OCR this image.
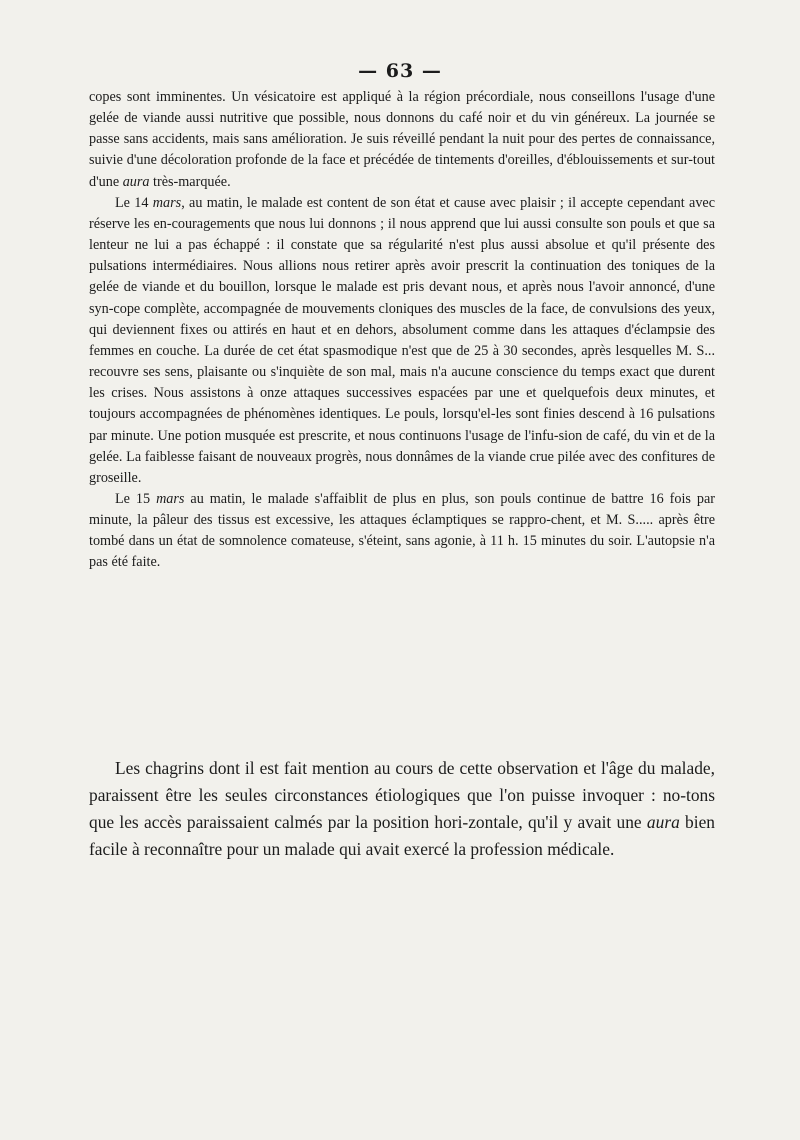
— 63 —

copes sont imminentes. Un vésicatoire est appliqué à la région précordiale, nous conseillons l'usage d'une gelée de viande aussi nutritive que possible, nous donnons du café noir et du vin généreux. La journée se passe sans accidents, mais sans amélioration. Je suis réveillé pendant la nuit pour des pertes de connaissance, suivie d'une décoloration profonde de la face et précédée de tintements d'oreilles, d'éblouissements et sur-tout d'une aura très-marquée.

Le 14 mars, au matin, le malade est content de son état et cause avec plaisir ; il accepte cependant avec réserve les en-couragements que nous lui donnons ; il nous apprend que lui aussi consulte son pouls et que sa lenteur ne lui a pas échappé : il constate que sa régularité n'est plus aussi absolue et qu'il présente des pulsations intermédiaires. Nous allions nous retirer après avoir prescrit la continuation des toniques de la gelée de viande et du bouillon, lorsque le malade est pris devant nous, et après nous l'avoir annoncé, d'une syn-cope complète, accompagnée de mouvements cloniques des muscles de la face, de convulsions des yeux, qui deviennent fixes ou attirés en haut et en dehors, absolument comme dans les attaques d'éclampsie des femmes en couche. La durée de cet état spasmodique n'est que de 25 à 30 secondes, après lesquelles M. S... recouvre ses sens, plaisante ou s'inquiète de son mal, mais n'a aucune conscience du temps exact que durent les crises. Nous assistons à onze attaques successives espacées par une et quelquefois deux minutes, et toujours accompagnées de phénomènes identiques. Le pouls, lorsqu'el-les sont finies descend à 16 pulsations par minute. Une potion musquée est prescrite, et nous continuons l'usage de l'infu-sion de café, du vin et de la gelée. La faiblesse faisant de nouveaux progrès, nous donnâmes de la viande crue pilée avec des confitures de groseille.

Le 15 mars au matin, le malade s'affaiblit de plus en plus, son pouls continue de battre 16 fois par minute, la pâleur des tissus est excessive, les attaques éclamptiques se rappro-chent, et M. S..... après être tombé dans un état de somnolence comateuse, s'éteint, sans agonie, à 11 h. 15 minutes du soir. L'autopsie n'a pas été faite.

Les chagrins dont il est fait mention au cours de cette observation et l'âge du malade, paraissent être les seules circonstances étiologiques que l'on puisse invoquer : no-tons que les accès paraissaient calmés par la position hori-zontale, qu'il y avait une aura bien facile à reconnaître pour un malade qui avait exercé la profession médicale.
